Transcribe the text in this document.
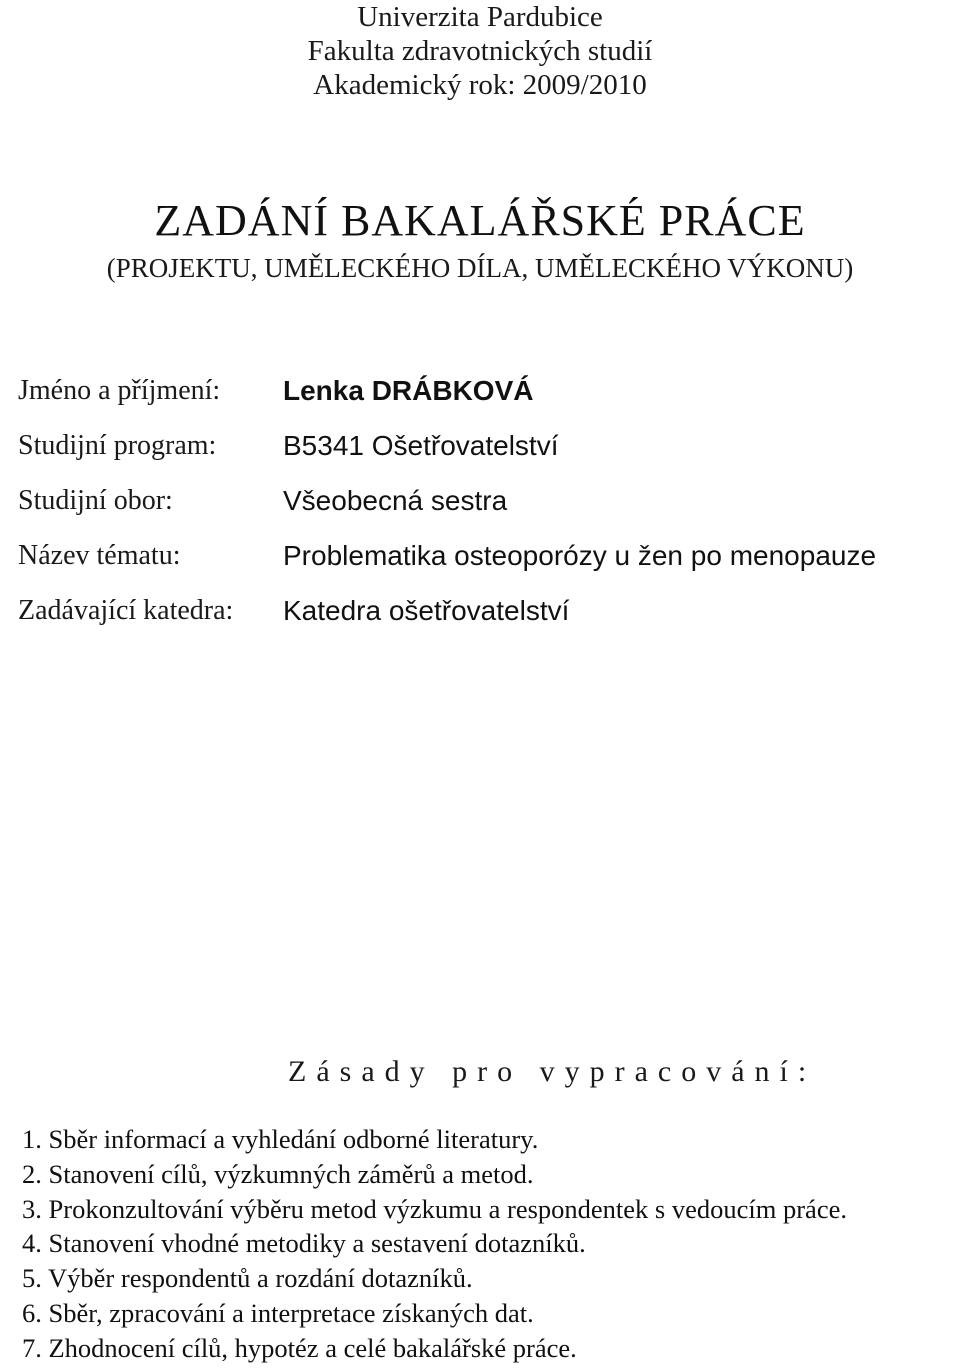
Univerzita Pardubice
Fakulta zdravotnických studií
Akademický rok: 2009/2010
ZADÁNÍ BAKALÁŘSKÉ PRÁCE
(PROJEKTU, UMĚLECKÉHO DÍLA, UMĚLECKÉHO VÝKONU)
Jméno a příjmení: Lenka DRÁBKOVÁ
Studijní program: B5341 Ošetřovatelství
Studijní obor:	Všeobecná sestra
Název tématu:	Problematika osteoporózy u žen po menopauze
Zadávající katedra: Katedra ošetřovatelství
Zásady pro vypracování:
1. Sběr informací a vyhledání odborné literatury.
2. Stanovení cílů, výzkumných záměrů a metod.
3. Prokonzultování výběru metod výzkumu a respondentek s vedoucím práce.
4. Stanovení vhodné metodiky a sestavení dotazníků.
5. Výběr respondentů a rozdání dotazníků.
6. Sběr, zpracování a interpretace získaných dat.
7. Zhodnocení cílů, hypotéz a celé bakalářské práce.
